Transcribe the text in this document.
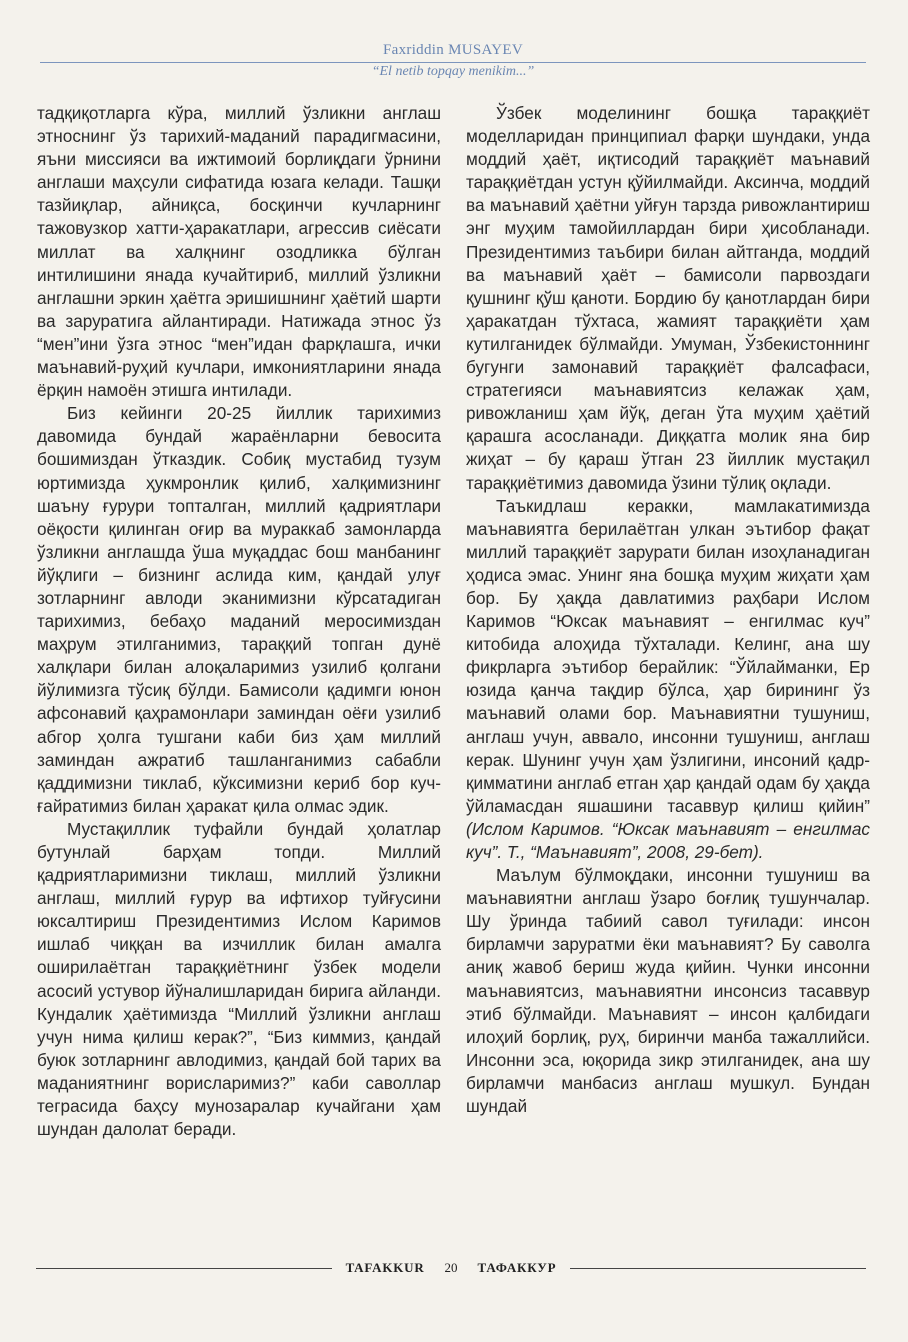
Faxriddin MUSAYEV
“El netib topqay menikim...”

тадқиқотларга кўра, миллий ўзликни англаш этноснинг ўз тарихий-маданий парадигмасини, яъни миссияси ва ижтимоий борлиқдаги ўрнини англаши маҳсули сифатида юзага келади. Ташқи тазйиқлар, айниқса, босқинчи кучларнинг тажовузкор хатти-ҳаракатлари, агрессив сиёсати миллат ва халқнинг озодликка бўлган интилишини янада кучайтириб, миллий ўзликни англашни эркин ҳаётга эришишнинг ҳаётий шарти ва заруратига айлантиради. Натижада этнос ўз “мен”ини ўзга этнос “мен”идан фарқлашга, ички маънавий-руҳий кучлари, имкониятларини янада ёрқин намоён этишга интилади.

Биз кейинги 20-25 йиллик тарихимиз давомида бундай жараёнларни бевосита бошимиздан ўтказдик. Собиқ мустабид тузум юртимизда ҳукмронлик қилиб, халқимизнинг шаъну ғурури топталган, миллий қадриятлари оёқости қилинган оғир ва мураккаб замонларда ўзликни англашда ўша муқаддас бош манбанинг йўқлиги – бизнинг аслида ким, қандай улуғ зотларнинг авлоди эканимизни кўрсатадиган тарихимиз, бебаҳо маданий меросимиздан маҳрум этилганимиз, тараққий топган дунё халқлари билан алоқаларимиз узилиб қолгани йўлимизга тўсиқ бўлди. Бамисоли қадимги юнон афсонавий қаҳрамонлари заминдан оёғи узилиб абгор ҳолга тушгани каби биз ҳам миллий заминдан ажратиб ташланганимиз сабабли қаддимизни тиклаб, кўксимизни кериб бор куч-ғайратимиз билан ҳаракат қила олмас эдик.

Мустақиллик туфайли бундай ҳолатлар бутунлай барҳам топди. Миллий қадриятларимизни тиклаш, миллий ўзликни англаш, миллий ғурур ва ифтихор туйғусини юксалтириш Президентимиз Ислом Каримов ишлаб чиққан ва изчиллик билан амалга оширилаётган тараққиётнинг ўзбек модели асосий устувор йўналишларидан бирига айланди. Кундалик ҳаётимизда “Миллий ўзликни англаш учун нима қилиш керак?”, “Биз киммиз, қандай буюк зотларнинг авлодимиз, қандай бой тарих ва маданиятнинг ворисларимиз?” каби саволлар теграсида баҳсу мунозаралар кучайгани ҳам шундан далолат беради.

Ўзбек моделининг бошқа тараққиёт моделларидан принципиал фарқи шундаки, унда моддий ҳаёт, иқтисодий тараққиёт маънавий тараққиётдан устун қўйилмайди. Аксинча, моддий ва маънавий ҳаётни уйғун тарзда ривожлантириш энг муҳим тамойиллардан бири ҳисобланади. Президентимиз таъбири билан айтганда, моддий ва маънавий ҳаёт – бамисоли парвоздаги қушнинг қўш қаноти. Бордию бу қанотлардан бири ҳаракатдан тўхтаса, жамият тараққиёти ҳам кутилганидек бўлмайди. Умуман, Ўзбекистоннинг бугунги замонавий тараққиёт фалсафаси, стратегияси маънавиятсиз келажак ҳам, ривожланиш ҳам йўқ, деган ўта муҳим ҳаётий қарашга асосланади. Диққатга молик яна бир жиҳат – бу қараш ўтган 23 йиллик мустақил тараққиётимиз давомида ўзини тўлиқ оқлади.

Таъкидлаш керакки, мамлакатимизда маънавиятга берилаётган улкан эътибор фақат миллий тараққиёт зарурати билан изоҳланадиган ҳодиса эмас. Унинг яна бошқа муҳим жиҳати ҳам бор. Бу ҳақда давлатимиз раҳбари Ислом Каримов “Юксак маънавият – енгилмас куч” китобида алоҳида тўхталади. Келинг, ана шу фикрларга эътибор берайлик: “Ўйлайманки, Ер юзида қанча тақдир бўлса, ҳар бирининг ўз маънавий олами бор. Маънавиятни тушуниш, англаш учун, аввало, инсонни тушуниш, англаш керак. Шунинг учун ҳам ўзлигини, инсоний қадр-қимматини англаб етган ҳар қандай одам бу ҳақда ўйламасдан яшашини тасаввур қилиш қийин” (Ислом Каримов. “Юксак маънавият – енгилмас куч”. Т., “Маънавият”, 2008, 29-бет).

Маълум бўлмоқдаки, инсонни тушуниш ва маънавиятни англаш ўзаро боғлиқ тушунчалар. Шу ўринда табиий савол туғилади: инсон бирламчи заруратми ёки маънавият? Бу саволга аниқ жавоб бериш жуда қийин. Чунки инсонни маънавиятсиз, маънавиятни инсонсиз тасаввур этиб бўлмайди. Маънавият – инсон қалбидаги илоҳий борлиқ, руҳ, биринчи манба тажаллийси. Инсонни эса, юқорида зикр этилганидек, ана шу бирламчи манбасиз англаш мушкул. Бундан шундай

TAFAKKUR	20	ТАФАККУР
